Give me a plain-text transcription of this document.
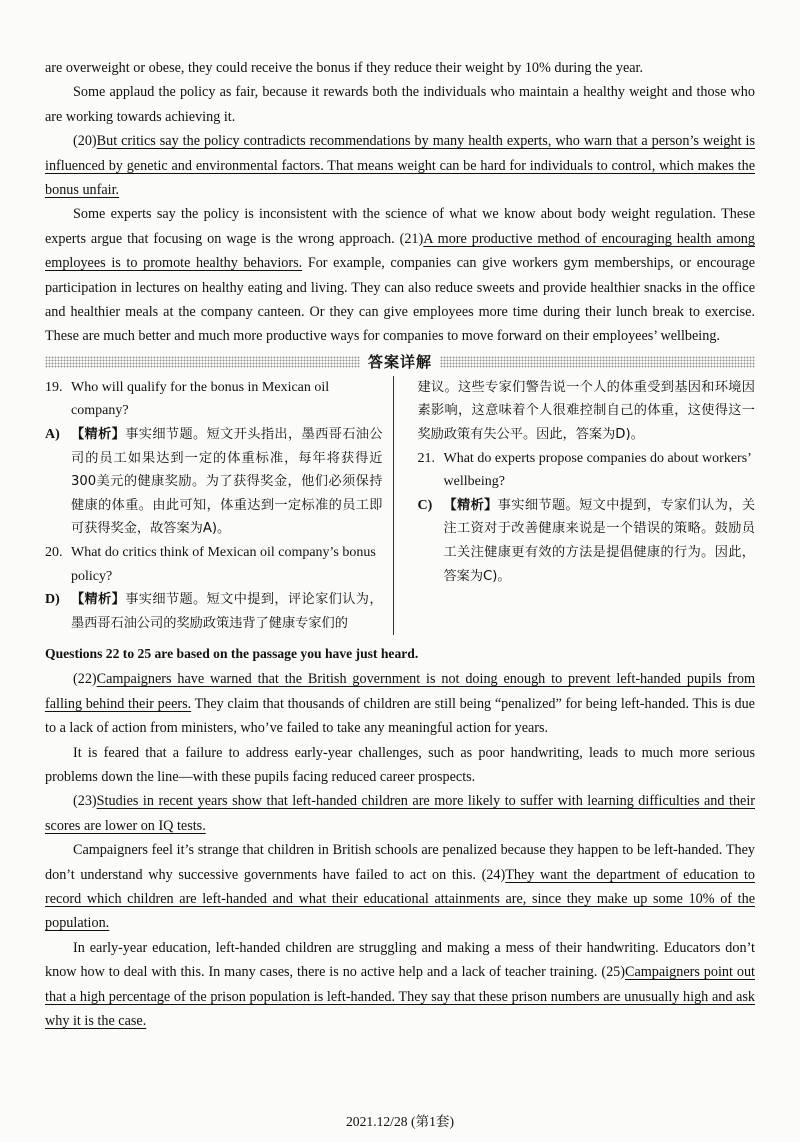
are overweight or obese, they could receive the bonus if they reduce their weight by 10% during the year.

Some applaud the policy as fair, because it rewards both the individuals who maintain a healthy weight and those who are working towards achieving it.

(20)But critics say the policy contradicts recommendations by many health experts, who warn that a person’s weight is influenced by genetic and environmental factors. That means weight can be hard for individuals to control, which makes the bonus unfair.

Some experts say the policy is inconsistent with the science of what we know about body weight regulation. These experts argue that focusing on wage is the wrong approach. (21)A more productive method of encouraging health among employees is to promote healthy behaviors. For example, companies can give workers gym memberships, or encourage participation in lectures on healthy eating and living. They can also reduce sweets and provide healthier snacks in the office and healthier meals at the company canteen. Or they can give employees more time during their lunch break to exercise. These are much better and much more productive ways for companies to move forward on their employees’ wellbeing.

答案详解
19. Who will qualify for the bonus in Mexican oil company?
A) 【精析】事实细节题。短文开头指出，墨西哥石油公司的员工如果达到一定的体重标准，每年将获得近300美元的健康奖励。为了获得奖金，他们必须保持健康的体重。由此可知，体重达到一定标准的员工即可获得奖金，故答案为A)。
20. What do critics think of Mexican oil company’s bonus policy?
D) 【精析】事实细节题。短文中提到，评论家们认为，墨西哥石油公司的奖励政策违背了健康专家们的

建议。这些专家们警告说一个人的体重受到基因和环境因素影响，这意味着个人很难控制自己的体重，这使得这一奖励政策有失公平。因此，答案为D)。

21. What do experts propose companies do about workers’ wellbeing?
C) 【精析】事实细节题。短文中提到，专家们认为，关注工资对于改善健康来说是一个错误的策略。鼓励员工关注健康更有效的方法是提倡健康的行为。因此，答案为C)。

Questions 22 to 25 are based on the passage you have just heard.

(22)Campaigners have warned that the British government is not doing enough to prevent left-handed pupils from falling behind their peers. They claim that thousands of children are still being “penalized” for being left-handed. This is due to a lack of action from ministers, who’ve failed to take any meaningful action for years.

It is feared that a failure to address early-year challenges, such as poor handwriting, leads to much more serious problems down the line—with these pupils facing reduced career prospects.

(23)Studies in recent years show that left-handed children are more likely to suffer with learning difficulties and their scores are lower on IQ tests.

Campaigners feel it’s strange that children in British schools are penalized because they happen to be left-handed. They don’t understand why successive governments have failed to act on this. (24)They want the department of education to record which children are left-handed and what their educational attainments are, since they make up some 10% of the population.

In early-year education, left-handed children are struggling and making a mess of their handwriting. Educators don’t know how to deal with this. In many cases, there is no active help and a lack of teacher training. (25)Campaigners point out that a high percentage of the prison population is left-handed. They say that these prison numbers are unusually high and ask why it is the case.

2021.12/28 (第1套)
